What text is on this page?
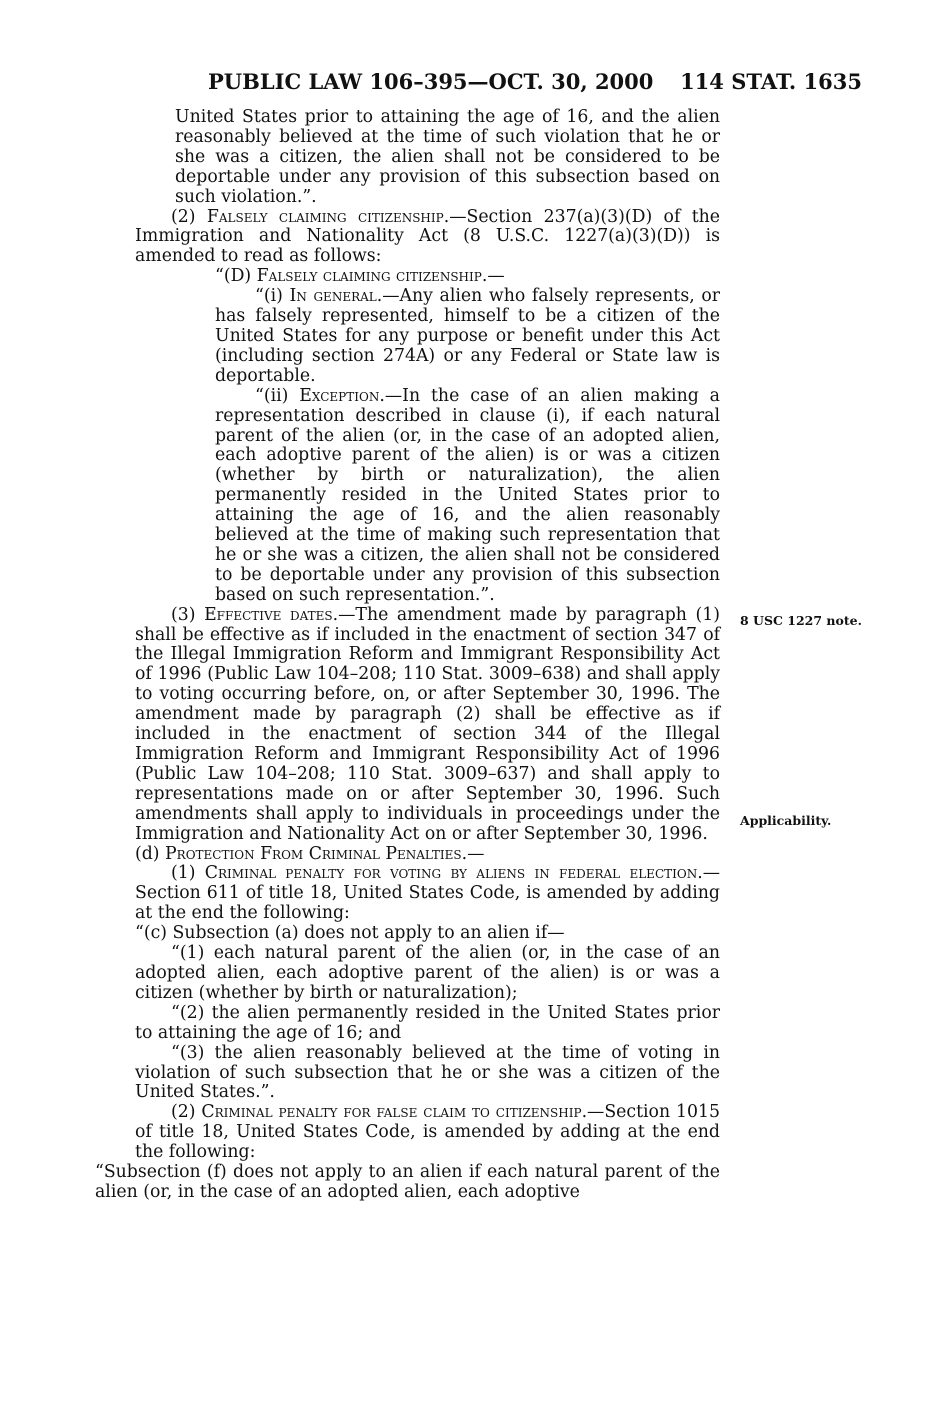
PUBLIC LAW 106–395—OCT. 30, 2000 114 STAT. 1635

United States prior to attaining the age of 16, and the alien reasonably believed at the time of such violation that he or she was a citizen, the alien shall not be considered to be deportable under any provision of this subsection based on such violation.”.

(2) Falsely claiming citizenship.—Section 237(a)(3)(D) of the Immigration and Nationality Act (8 U.S.C. 1227(a)(3)(D)) is amended to read as follows:

“(D) Falsely claiming citizenship.—

“(i) In general.—Any alien who falsely represents, or has falsely represented, himself to be a citizen of the United States for any purpose or benefit under this Act (including section 274A) or any Federal or State law is deportable.

“(ii) Exception.—In the case of an alien making a representation described in clause (i), if each natural parent of the alien (or, in the case of an adopted alien, each adoptive parent of the alien) is or was a citizen (whether by birth or naturalization), the alien permanently resided in the United States prior to attaining the age of 16, and the alien reasonably believed at the time of making such representation that he or she was a citizen, the alien shall not be considered to be deportable under any provision of this subsection based on such representation.”.

(3) Effective dates.—The amendment made by paragraph (1) shall be effective as if included in the enactment of section 347 of the Illegal Immigration Reform and Immigrant Responsibility Act of 1996 (Public Law 104–208; 110 Stat. 3009–638) and shall apply to voting occurring before, on, or after September 30, 1996. The amendment made by paragraph (2) shall be effective as if included in the enactment of section 344 of the Illegal Immigration Reform and Immigrant Responsibility Act of 1996 (Public Law 104–208; 110 Stat. 3009–637) and shall apply to representations made on or after September 30, 1996. Such amendments shall apply to individuals in proceedings under the Immigration and Nationality Act on or after September 30, 1996.

(d) Protection From Criminal Penalties.—

(1) Criminal penalty for voting by aliens in federal election.—Section 611 of title 18, United States Code, is amended by adding at the end the following:

“(c) Subsection (a) does not apply to an alien if—

“(1) each natural parent of the alien (or, in the case of an adopted alien, each adoptive parent of the alien) is or was a citizen (whether by birth or naturalization);

“(2) the alien permanently resided in the United States prior to attaining the age of 16; and

“(3) the alien reasonably believed at the time of voting in violation of such subsection that he or she was a citizen of the United States.”.

(2) Criminal penalty for false claim to citizenship.—Section 1015 of title 18, United States Code, is amended by adding at the end the following:

“Subsection (f) does not apply to an alien if each natural parent of the alien (or, in the case of an adopted alien, each adoptive

8 USC 1227 note.
Applicability.
